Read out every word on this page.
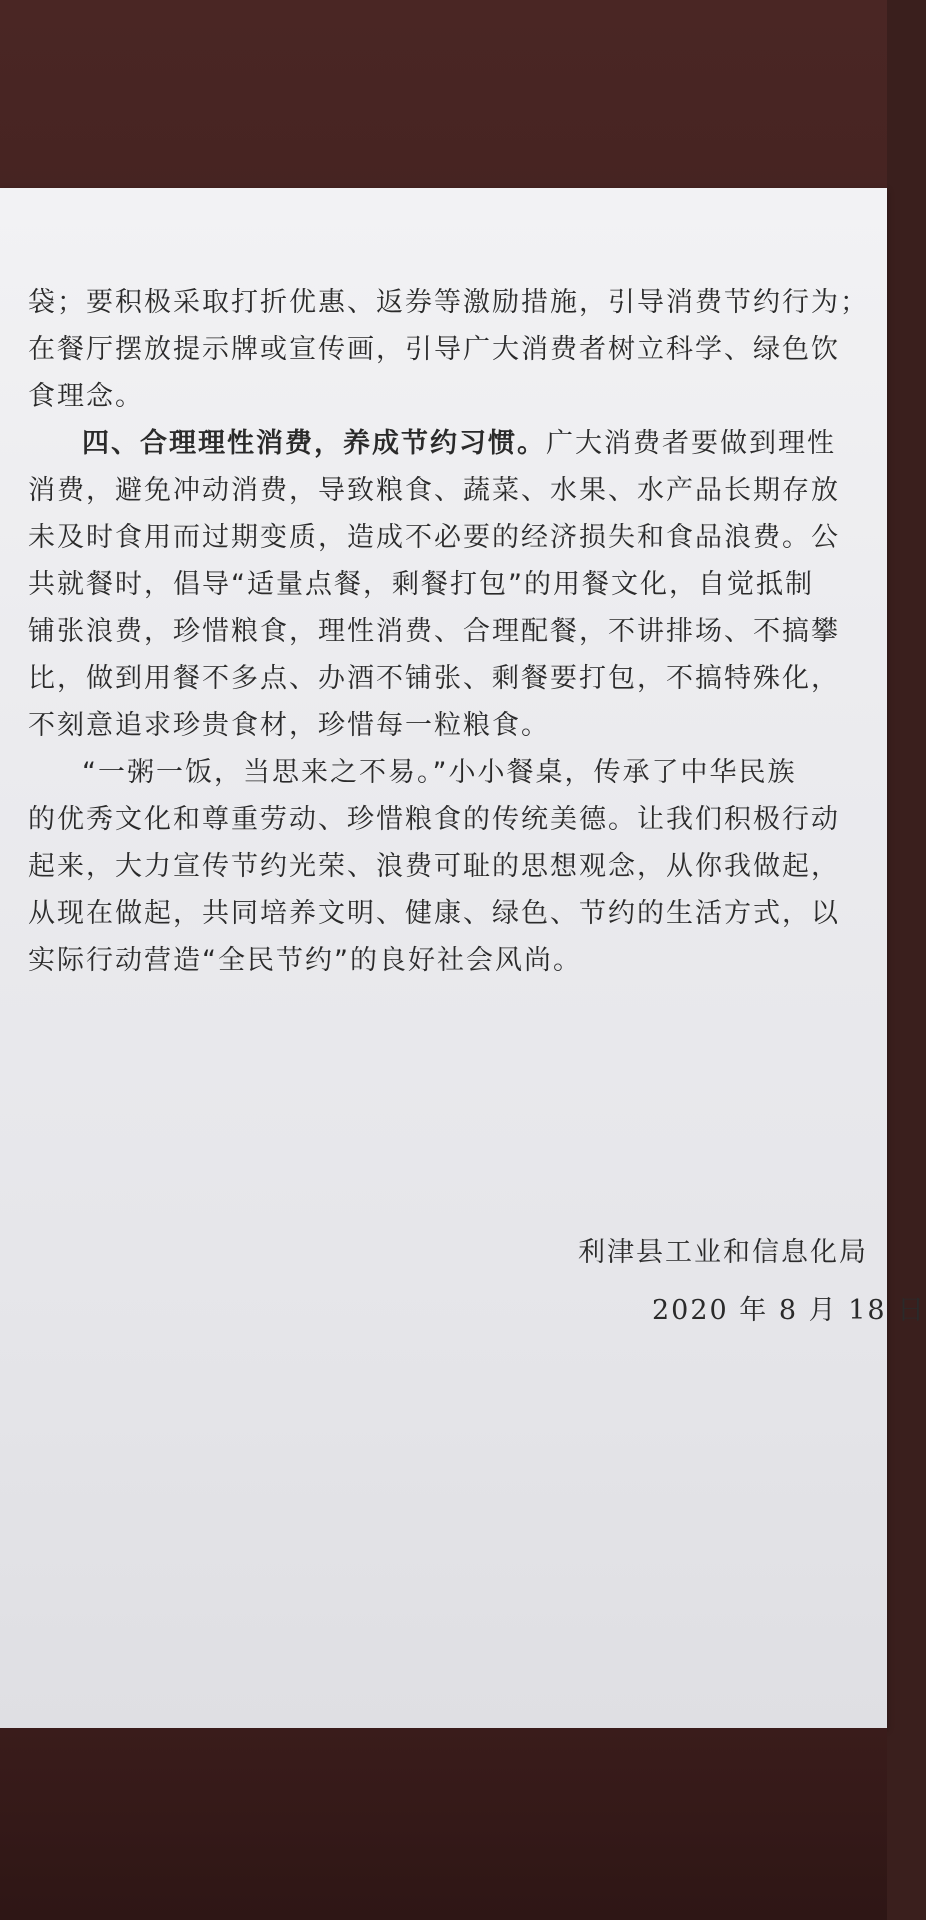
袋；要积极采取打折优惠、返券等激励措施，引导消费节约行为；
在餐厅摆放提示牌或宣传画，引导广大消费者树立科学、绿色饮
食理念。
四、合理理性消费，养成节约习惯。广大消费者要做到理性
消费，避免冲动消费，导致粮食、蔬菜、水果、水产品长期存放
未及时食用而过期变质，造成不必要的经济损失和食品浪费。公
共就餐时，倡导“适量点餐，剩餐打包”的用餐文化，自觉抵制
铺张浪费，珍惜粮食，理性消费、合理配餐，不讲排场、不搞攀
比，做到用餐不多点、办酒不铺张、剩餐要打包，不搞特殊化，
不刻意追求珍贵食材，珍惜每一粒粮食。
“一粥一饭，当思来之不易。”小小餐桌，传承了中华民族
的优秀文化和尊重劳动、珍惜粮食的传统美德。让我们积极行动
起来，大力宣传节约光荣、浪费可耻的思想观念，从你我做起，
从现在做起，共同培养文明、健康、绿色、节约的生活方式，以
实际行动营造“全民节约”的良好社会风尚。
利津县工业和信息化局
2020 年 8 月 18 日
